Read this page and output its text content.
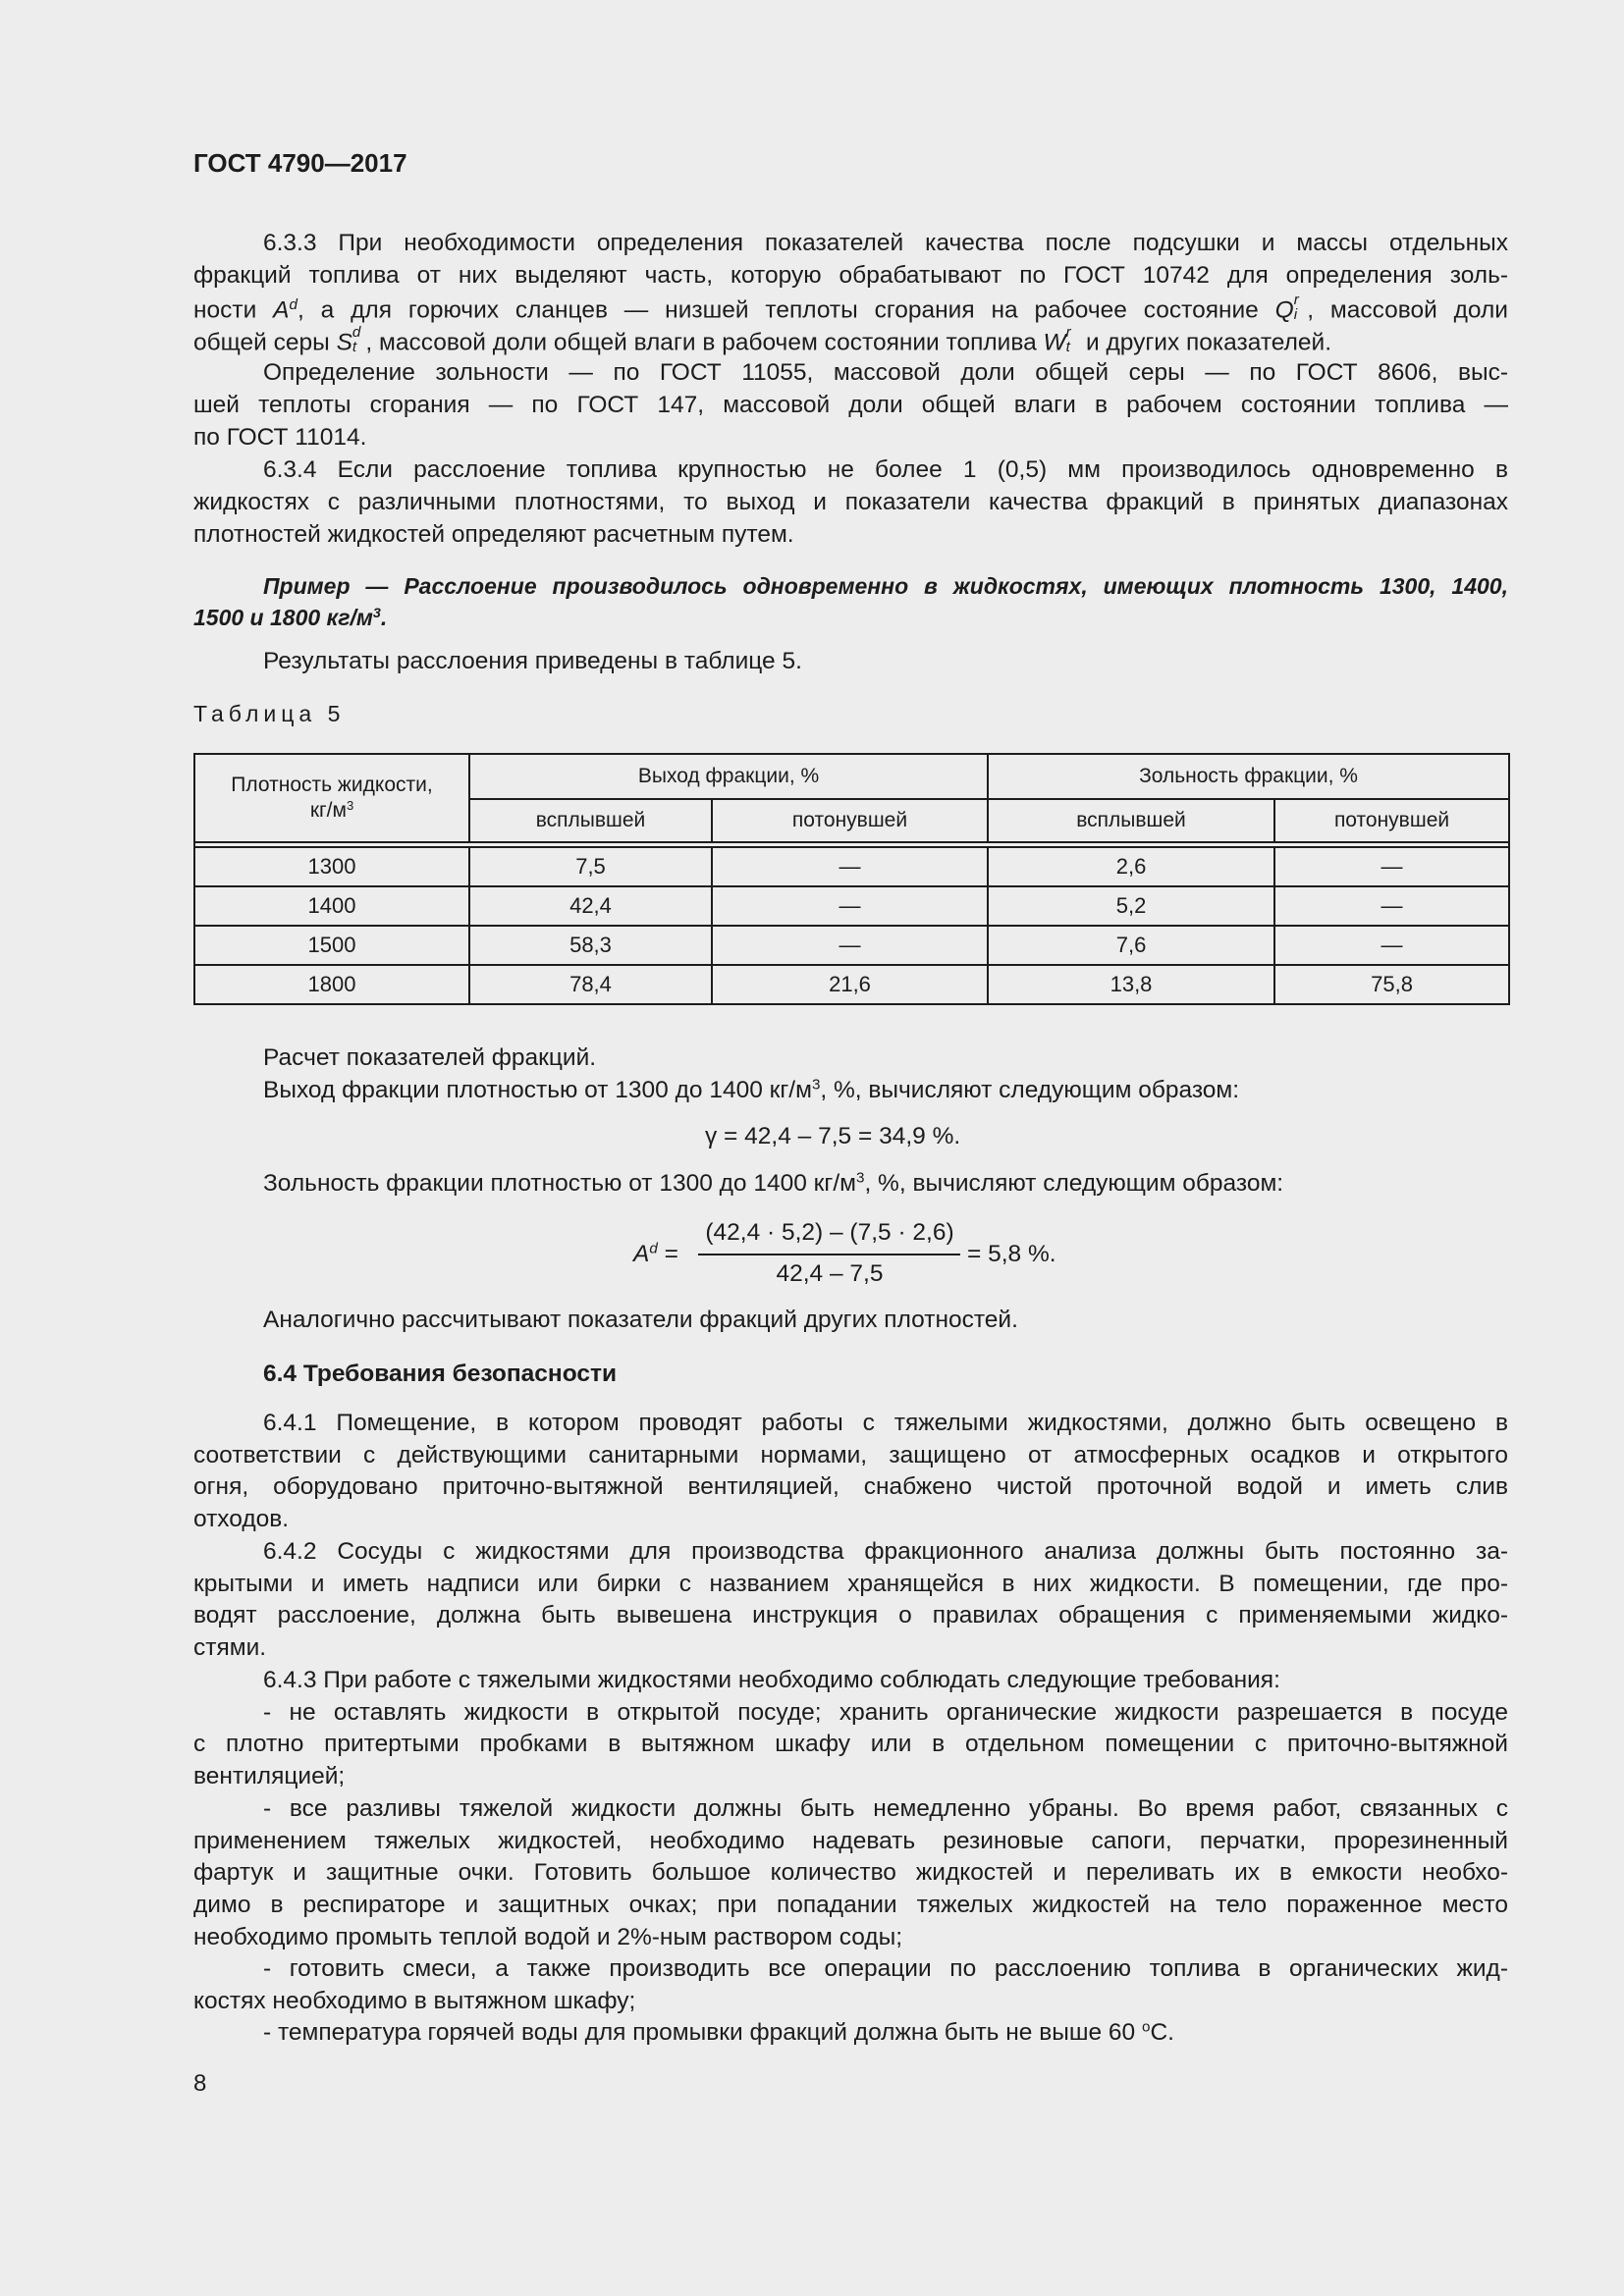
ГОСТ 4790—2017
6.3.3 При необходимости определения показателей качества после подсушки и массы отдельных
фракций топлива от них выделяют часть, которую обрабатывают по ГОСТ 10742 для определения золь-
ности $A^d$, а для горючих сланцев — низшей теплоты сгорания на рабочее состояние Q r
i , массовой доли
общей серы S d
t , массовой доли общей влаги в рабочем состоянии топлива W r
t и других показателей.
Определение зольности — по ГОСТ 11055, массовой доли общей серы — по ГОСТ 8606, выс-
шей теплоты сгорания — по ГОСТ 147, массовой доли общей влаги в рабочем состоянии топлива —
по ГОСТ 11014.
6.3.4 Если расслоение топлива крупностью не более 1 (0,5) мм производилось одновременно в
жидкостях с различными плотностями, то выход и показатели качества фракций в принятых диапазонах
плотностей жидкостей определяют расчетным путем.
Пример — Расслоение производилось одновременно в жидкостях, имеющих плотность 1300, 1400,
1500 и 1800 $кг/м^3$.
Результаты расслоения приведены в таблице 5.
Таблица 5
Плотность жидкости,
$кг/м^3$	Выход фракции, %		Зольность фракции, %	
	всплывшей	потонувшей	всплывшей	потонувшей

1300	7,5	—	2,6	—
1400	42,4	—	5,2	—
1500	58,3	—	7,6	—
1800	78,4	21,6	13,8	75,8
Расчет показателей фракций.
Выход фракции плотностью от 1300 до 1400 $кг/м^3$, %, вычисляют следующим образом:
γ = 42,4 – 7,5 = 34,9 %.
Зольность фракции плотностью от 1300 до 1400 $кг/м^3$, %, вычисляют следующим образом:
$A^d$ =
(42,4 · 5,2) – (7,5 · 2,6)
42,4 – 7,5
= 5,8 %.
Аналогично рассчитывают показатели фракций других плотностей.
6.4 Требования безопасности
6.4.1 Помещение, в котором проводят работы с тяжелыми жидкостями, должно быть освещено в
соответствии с действующими санитарными нормами, защищено от атмосферных осадков и открытого
огня, оборудовано приточно-вытяжной вентиляцией, снабжено чистой проточной водой и иметь слив
отходов.
6.4.2 Сосуды с жидкостями для производства фракционного анализа должны быть постоянно за-
крытыми и иметь надписи или бирки с названием хранящейся в них жидкости. В помещении, где про-
водят расслоение, должна быть вывешена инструкция о правилах обращения с применяемыми жидко-
стями.
6.4.3 При работе с тяжелыми жидкостями необходимо соблюдать следующие требования:
- не оставлять жидкости в открытой посуде; хранить органические жидкости разрешается в посуде
с плотно притертыми пробками в вытяжном шкафу или в отдельном помещении с приточно-вытяжной
вентиляцией;
- все разливы тяжелой жидкости должны быть немедленно убраны. Во время работ, связанных с
применением тяжелых жидкостей, необходимо надевать резиновые сапоги, перчатки, прорезиненный
фартук и защитные очки. Готовить большое количество жидкостей и переливать их в емкости необхо-
димо в респираторе и защитных очках; при попадании тяжелых жидкостей на тело пораженное место
необходимо промыть теплой водой и 2%-ным раствором соды;
- готовить смеси, а также производить все операции по расслоению топлива в органических жид-
костях необходимо в вытяжном шкафу;
- температура горячей воды для промывки фракций должна быть не выше 60 $^о$С.
8
